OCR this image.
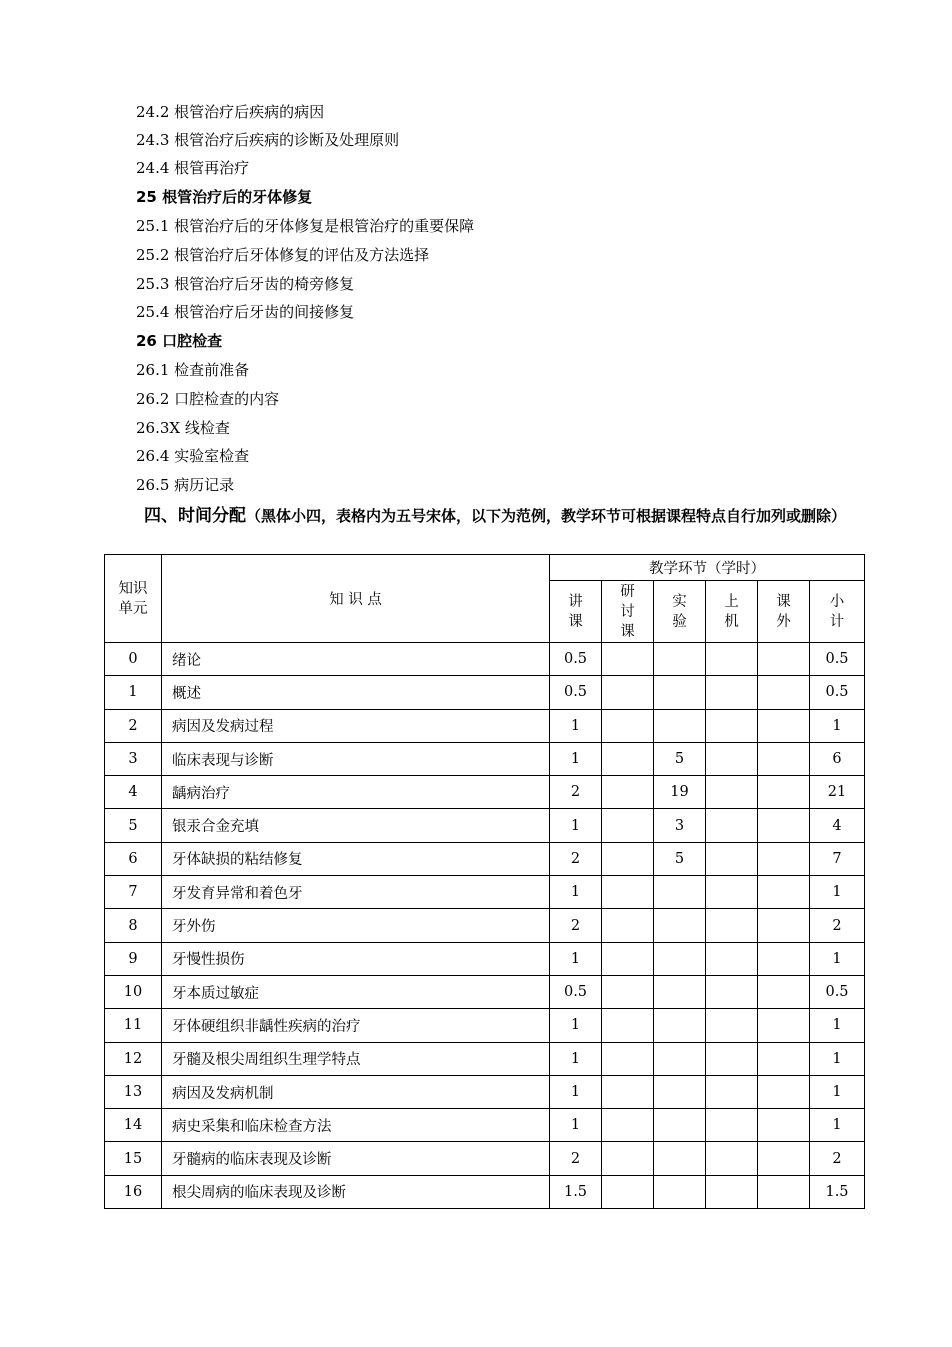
24.2 根管治疗后疾病的病因
24.3 根管治疗后疾病的诊断及处理原则
24.4 根管再治疗
25 根管治疗后的牙体修复
25.1 根管治疗后的牙体修复是根管治疗的重要保障
25.2 根管治疗后牙体修复的评估及方法选择
25.3 根管治疗后牙齿的椅旁修复
25.4 根管治疗后牙齿的间接修复
26 口腔检查
26.1 检查前准备
26.2 口腔检查的内容
26.3X 线检查
26.4 实验室检查
26.5 病历记录
四、时间分配（黑体小四，表格内为五号宋体，以下为范例，教学环节可根据课程特点自行加列或删除）
知识单元	知 识 点	教学环节（学时）					
		讲课	研讨课	实验	上机	课外	小计
0	绪论	0.5					0.5
1	概述	0.5					0.5
2	病因及发病过程	1					1
3	临床表现与诊断	1		5			6
4	龋病治疗	2		19			21
5	银汞合金充填	1		3			4
6	牙体缺损的粘结修复	2		5			7
7	牙发育异常和着色牙	1					1
8	牙外伤	2					2
9	牙慢性损伤	1					1
10	牙本质过敏症	0.5					0.5
11	牙体硬组织非龋性疾病的治疗	1					1
12	牙髓及根尖周组织生理学特点	1					1
13	病因及发病机制	1					1
14	病史采集和临床检查方法	1					1
15	牙髓病的临床表现及诊断	2					2
16	根尖周病的临床表现及诊断	1.5					1.5
